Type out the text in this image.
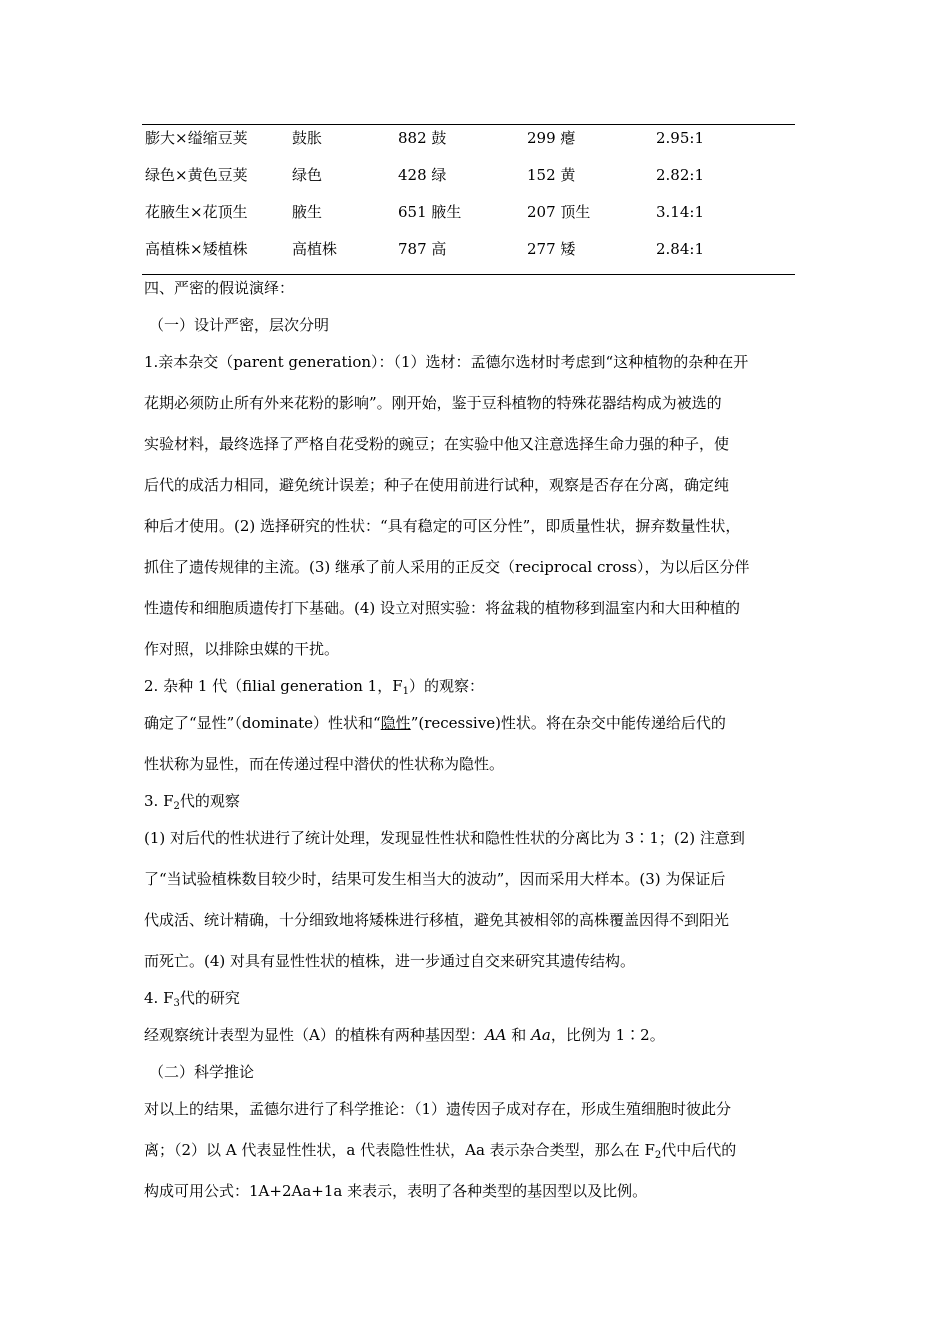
膨大×缢缩豆荚	鼓胀	882 鼓	299 瘪	2.95:1
绿色×黄色豆荚	绿色	428 绿	152 黄	2.82:1
花腋生×花顶生	腋生	651 腋生	207 顶生	3.14:1
高植株×矮植株	高植株	787 高	277 矮	2.84:1
四、严密的假说演绎：
（一）设计严密，层次分明
1.亲本杂交（parent generation）：（1）选材：孟德尔选材时考虑到“这种植物的杂种在开
花期必须防止所有外来花粉的影响”。刚开始，鉴于豆科植物的特殊花器结构成为被选的
实验材料，最终选择了严格自花受粉的豌豆；在实验中他又注意选择生命力强的种子，使
后代的成活力相同，避免统计误差；种子在使用前进行试种，观察是否存在分离，确定纯
种后才使用。(2) 选择研究的性状：“具有稳定的可区分性”，即质量性状，摒弃数量性状，
抓住了遗传规律的主流。(3) 继承了前人采用的正反交（reciprocal cross），为以后区分伴
性遗传和细胞质遗传打下基础。(4) 设立对照实验：将盆栽的植物移到温室内和大田种植的
作对照，以排除虫媒的干扰。
2. 杂种 1 代（filial generation 1，$F_1$）的观察：
确定了“显性”（dominate）性状和“隐性”(recessive)性状。将在杂交中能传递给后代的
性状称为显性，而在传递过程中潜伏的性状称为隐性。
3. $F_2$代的观察
(1) 对后代的性状进行了统计处理，发现显性性状和隐性性状的分离比为 3∶1；(2) 注意到
了“当试验植株数目较少时，结果可发生相当大的波动”，因而采用大样本。(3) 为保证后
代成活、统计精确，十分细致地将矮株进行移植，避免其被相邻的高株覆盖因得不到阳光
而死亡。(4) 对具有显性性状的植株，进一步通过自交来研究其遗传结构。
4. $F_3$代的研究
经观察统计表型为显性（A）的植株有两种基因型：AA 和 Aa，比例为 1∶2。
（二）科学推论
对以上的结果，孟德尔进行了科学推论：（1）遗传因子成对存在，形成生殖细胞时彼此分
离；（2）以 A 代表显性性状，a 代表隐性性状，Aa 表示杂合类型，那么在 $F_2$代中后代的
构成可用公式：1A+2Aa+1a 来表示，表明了各种类型的基因型以及比例。
